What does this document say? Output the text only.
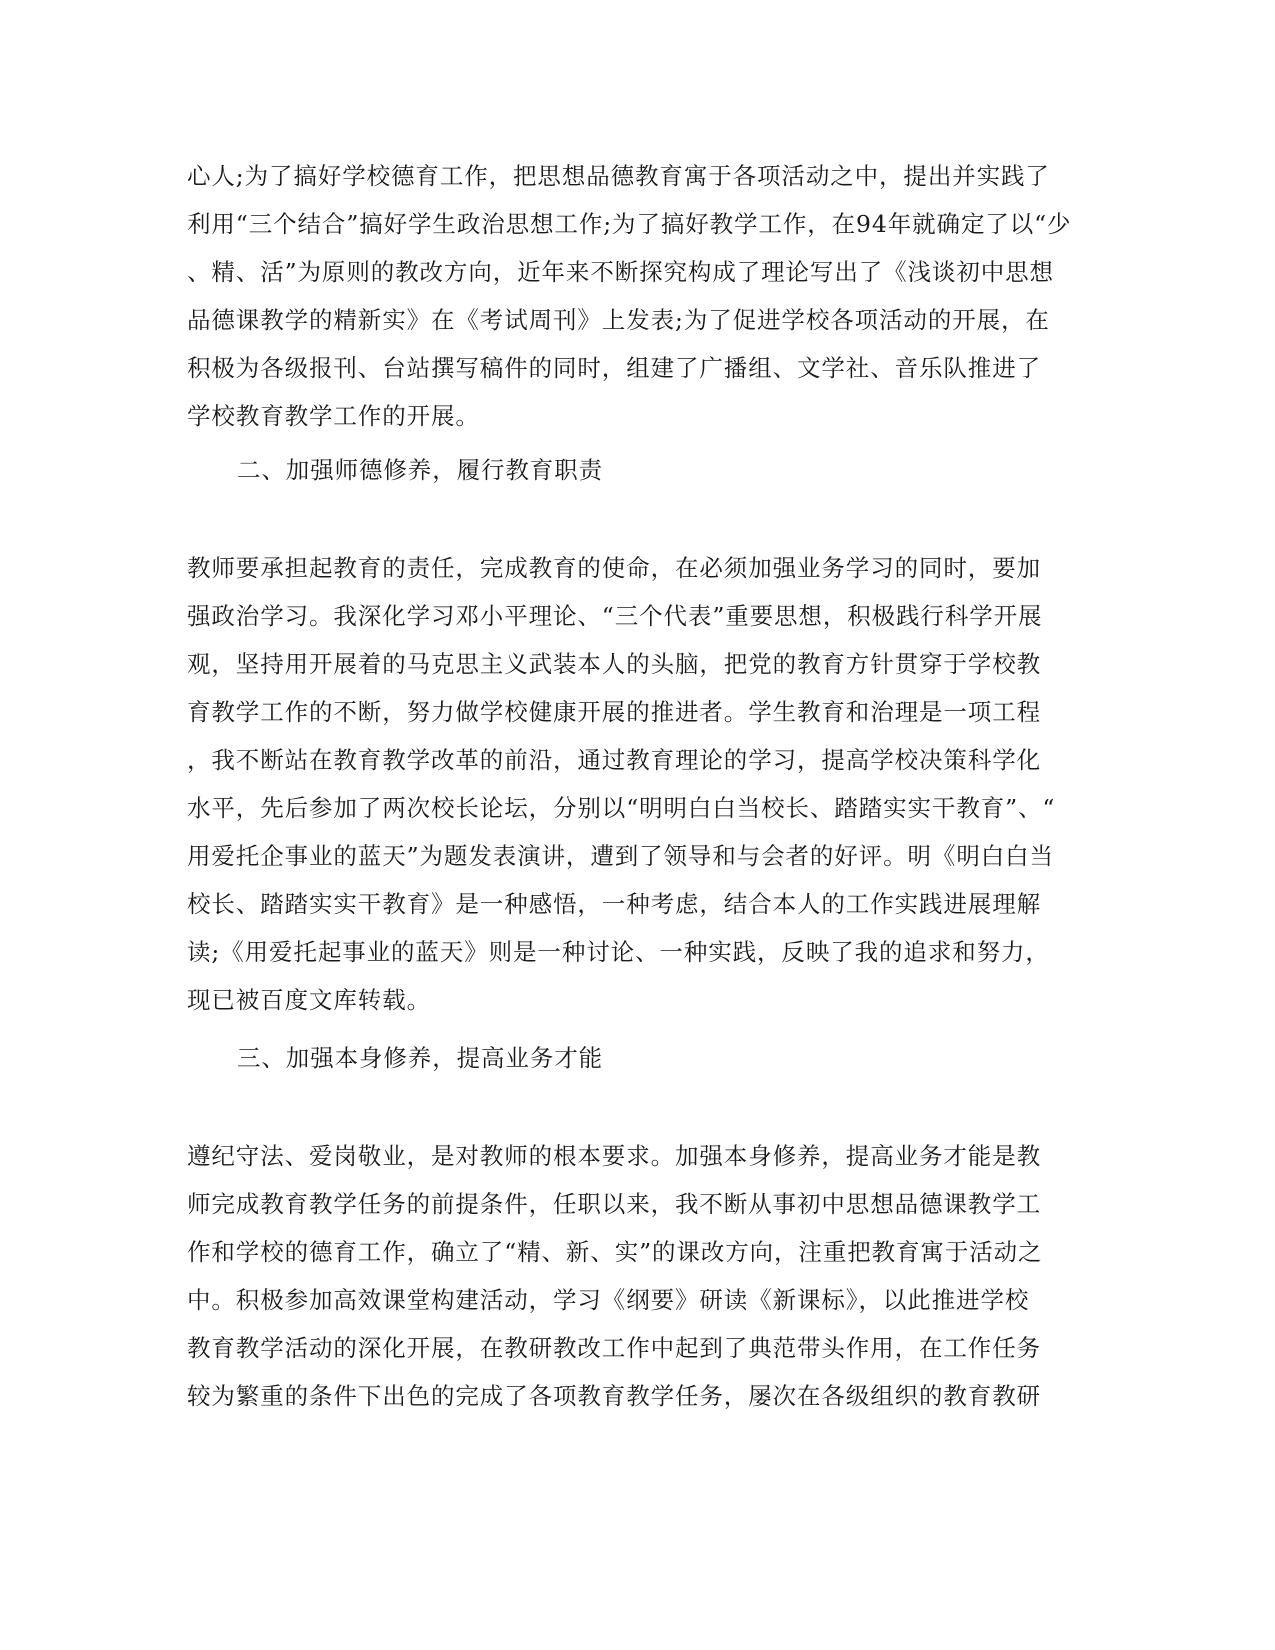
心人;为了搞好学校德育工作，把思想品德教育寓于各项活动之中，提出并实践了
利用“三个结合”搞好学生政治思想工作;为了搞好教学工作，在94年就确定了以“少
、精、活”为原则的教改方向，近年来不断探究构成了理论写出了《浅谈初中思想
品德课教学的精新实》在《考试周刊》上发表;为了促进学校各项活动的开展，在
积极为各级报刊、台站撰写稿件的同时，组建了广播组、文学社、音乐队推进了
学校教育教学工作的开展。
二、加强师德修养，履行教育职责
教师要承担起教育的责任，完成教育的使命，在必须加强业务学习的同时，要加
强政治学习。我深化学习邓小平理论、“三个代表”重要思想，积极践行科学开展
观，坚持用开展着的马克思主义武装本人的头脑，把党的教育方针贯穿于学校教
育教学工作的不断，努力做学校健康开展的推进者。学生教育和治理是一项工程
，我不断站在教育教学改革的前沿，通过教育理论的学习，提高学校决策科学化
水平，先后参加了两次校长论坛，分别以“明明白白当校长、踏踏实实干教育”、“
用爱托企事业的蓝天”为题发表演讲，遭到了领导和与会者的好评。明《明白白当
校长、踏踏实实干教育》是一种感悟，一种考虑，结合本人的工作实践进展理解
读;《用爱托起事业的蓝天》则是一种讨论、一种实践，反映了我的追求和努力，
现已被百度文库转载。
三、加强本身修养，提高业务才能
遵纪守法、爱岗敬业，是对教师的根本要求。加强本身修养，提高业务才能是教
师完成教育教学任务的前提条件，任职以来，我不断从事初中思想品德课教学工
作和学校的德育工作，确立了“精、新、实”的课改方向，注重把教育寓于活动之
中。积极参加高效课堂构建活动，学习《纲要》研读《新课标》，以此推进学校
教育教学活动的深化开展，在教研教改工作中起到了典范带头作用，在工作任务
较为繁重的条件下出色的完成了各项教育教学任务，屡次在各级组织的教育教研
